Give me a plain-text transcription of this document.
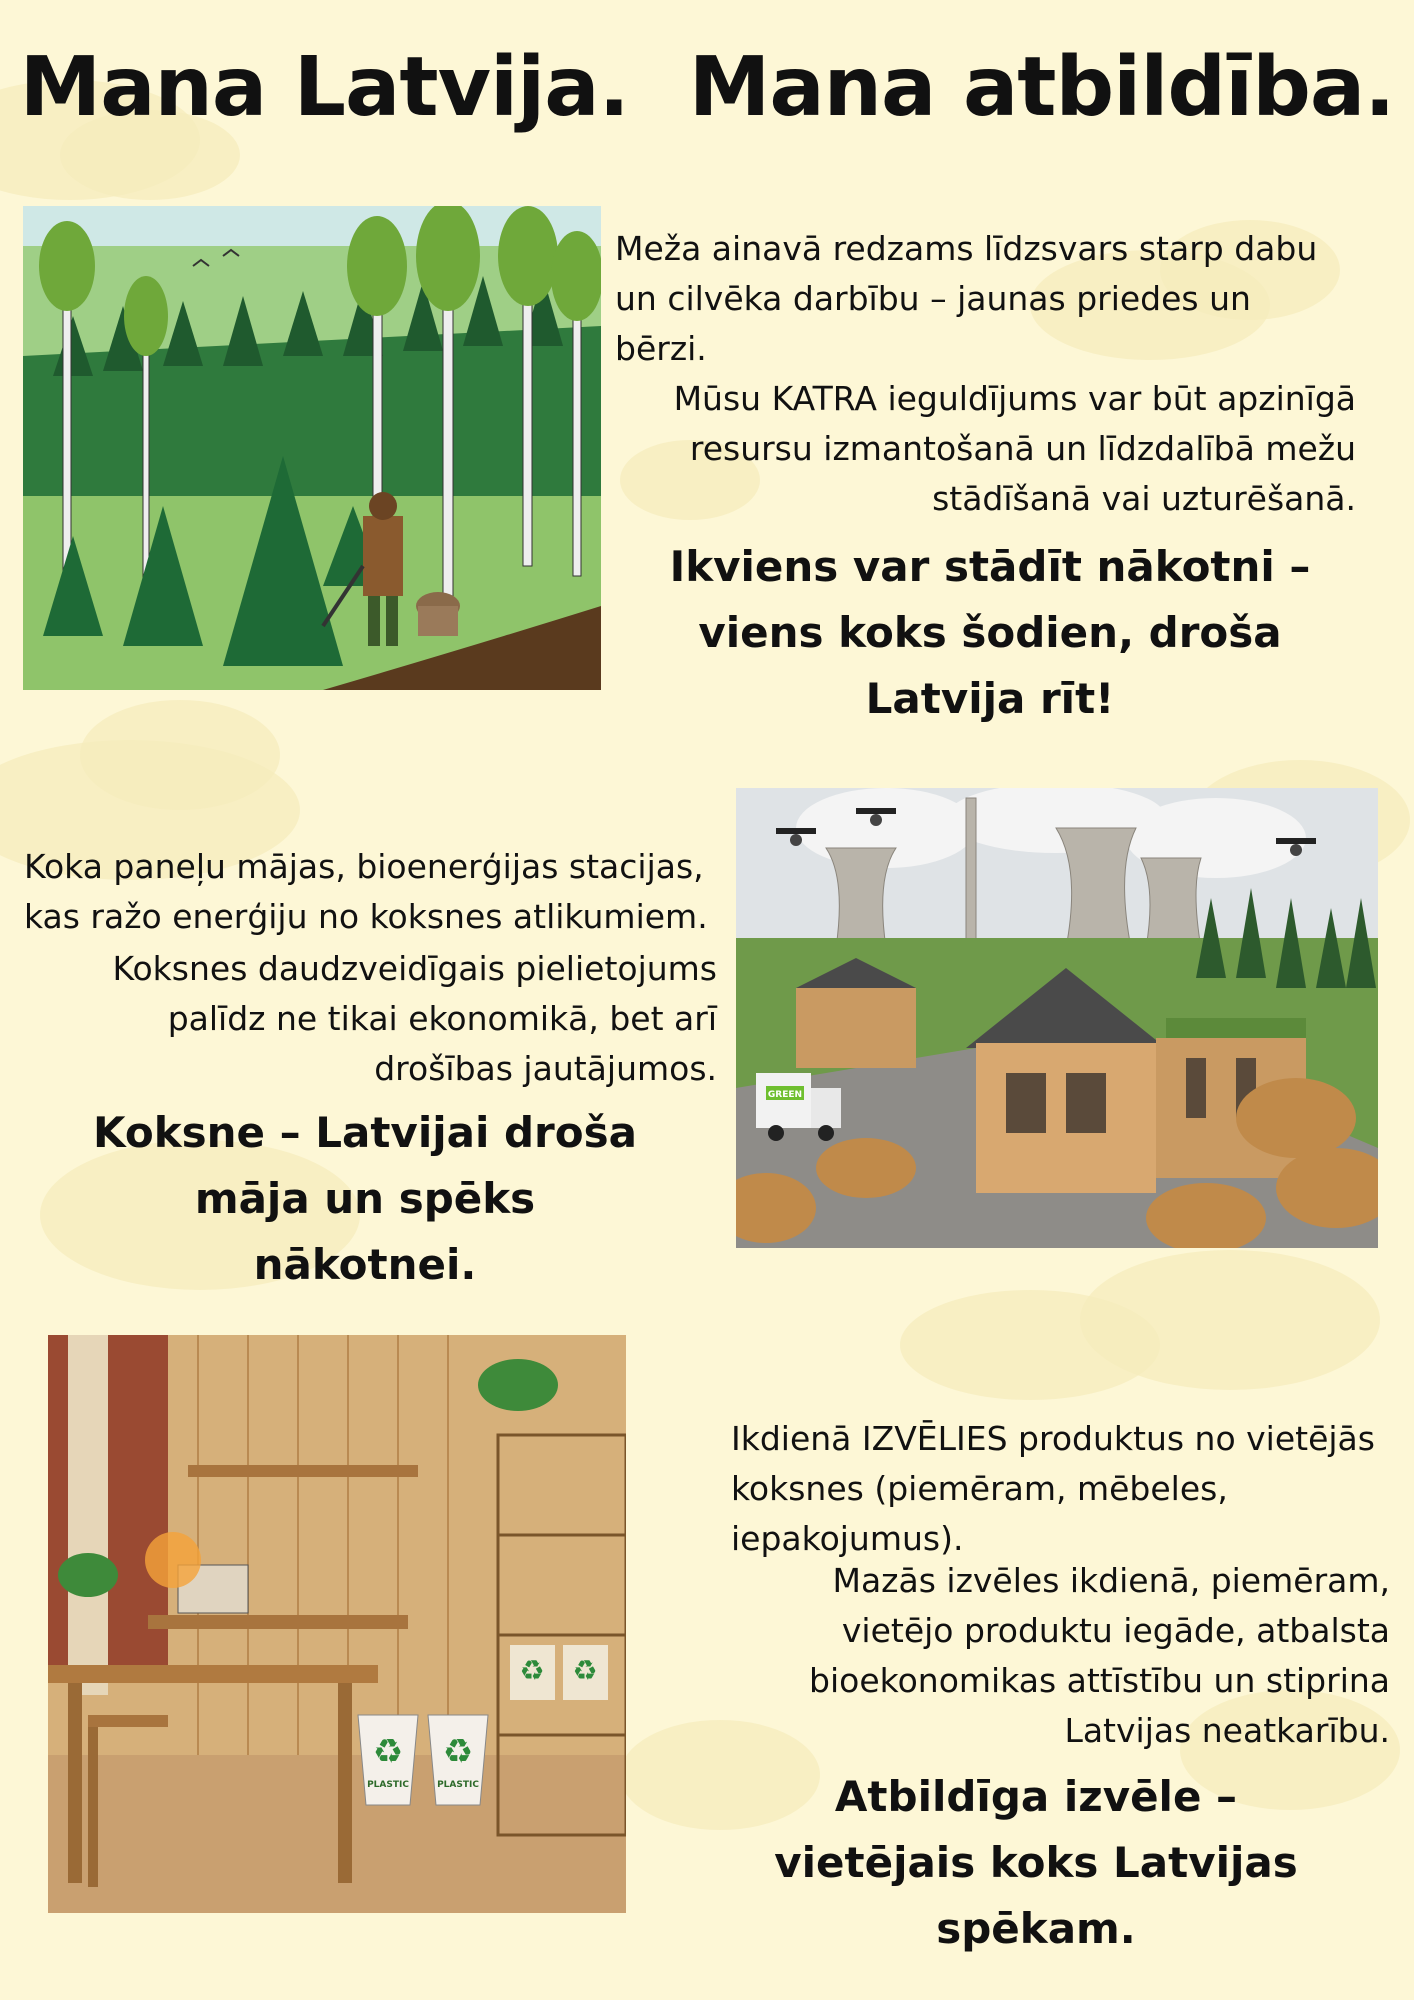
Mana Latvija. Mana atbildība.

Meža ainavā redzams līdzsvars starp dabu

un cilvēka darbību – jaunas priedes un

bērzi.

Mūsu KATRA ieguldījums var būt apzinīgā

resursu izmantošanā un līdzdalībā mežu

stādīšanā vai uzturēšanā.

Ikviens var stādīt nākotni –

viens koks šodien, droša

Latvija rīt!

GREEN

Koka paneļu mājas, bioenerģijas stacijas,

kas ražo enerģiju no koksnes atlikumiem.

Koksnes daudzveidīgais pielietojums

palīdz ne tikai ekonomikā, bet arī

drošības jautājumos.

Koksne – Latvijai droša

māja un spēks

nākotnei.

♻ ♻
♻ ♻
PLASTIC	PLASTIC

Ikdienā IZVĒLIES produktus no vietējās

koksnes (piemēram, mēbeles,

iepakojumus).

Mazās izvēles ikdienā, piemēram,

vietējo produktu iegāde, atbalsta

bioekonomikas attīstību un stiprina

Latvijas neatkarību.

Atbildīga izvēle –

vietējais koks Latvijas

spēkam.
